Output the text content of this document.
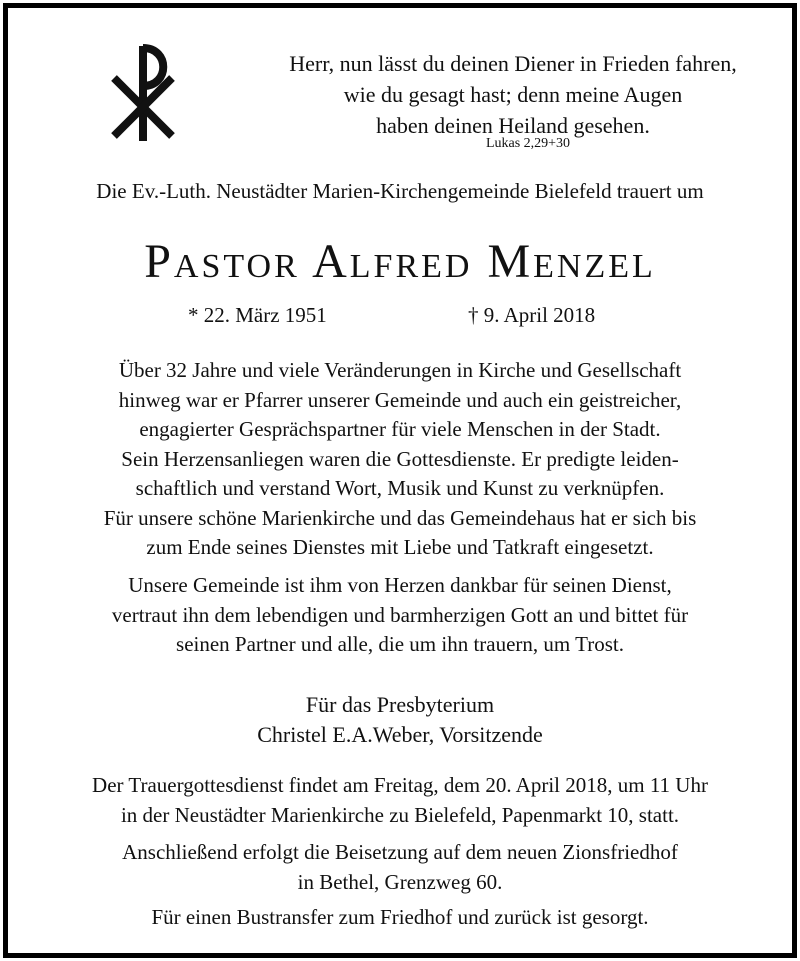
Herr, nun lässt du deinen Diener in Frieden fahren,
wie du gesagt hast; denn meine Augen
haben deinen Heiland gesehen.
Lukas 2,29+30
Die Ev.-Luth. Neustädter Marien-Kirchengemeinde Bielefeld trauert um
Pastor Alfred Menzel
* 22. März 1951	† 9. April 2018
Über 32 Jahre und viele Veränderungen in Kirche und Gesellschaft
hinweg war er Pfarrer unserer Gemeinde und auch ein geistreicher,
engagierter Gesprächspartner für viele Menschen in der Stadt.
Sein Herzensanliegen waren die Gottesdienste. Er predigte leiden-
schaftlich und verstand Wort, Musik und Kunst zu verknüpfen.
Für unsere schöne Marienkirche und das Gemeindehaus hat er sich bis
zum Ende seines Dienstes mit Liebe und Tatkraft eingesetzt.
Unsere Gemeinde ist ihm von Herzen dankbar für seinen Dienst,
vertraut ihn dem lebendigen und barmherzigen Gott an und bittet für
seinen Partner und alle, die um ihn trauern, um Trost.
Für das Presbyterium
Christel E.A.Weber, Vorsitzende
Der Trauergottesdienst findet am Freitag, dem 20. April 2018, um 11 Uhr
in der Neustädter Marienkirche zu Bielefeld, Papenmarkt 10, statt.
Anschließend erfolgt die Beisetzung auf dem neuen Zionsfriedhof
in Bethel, Grenzweg 60.
Für einen Bustransfer zum Friedhof und zurück ist gesorgt.
